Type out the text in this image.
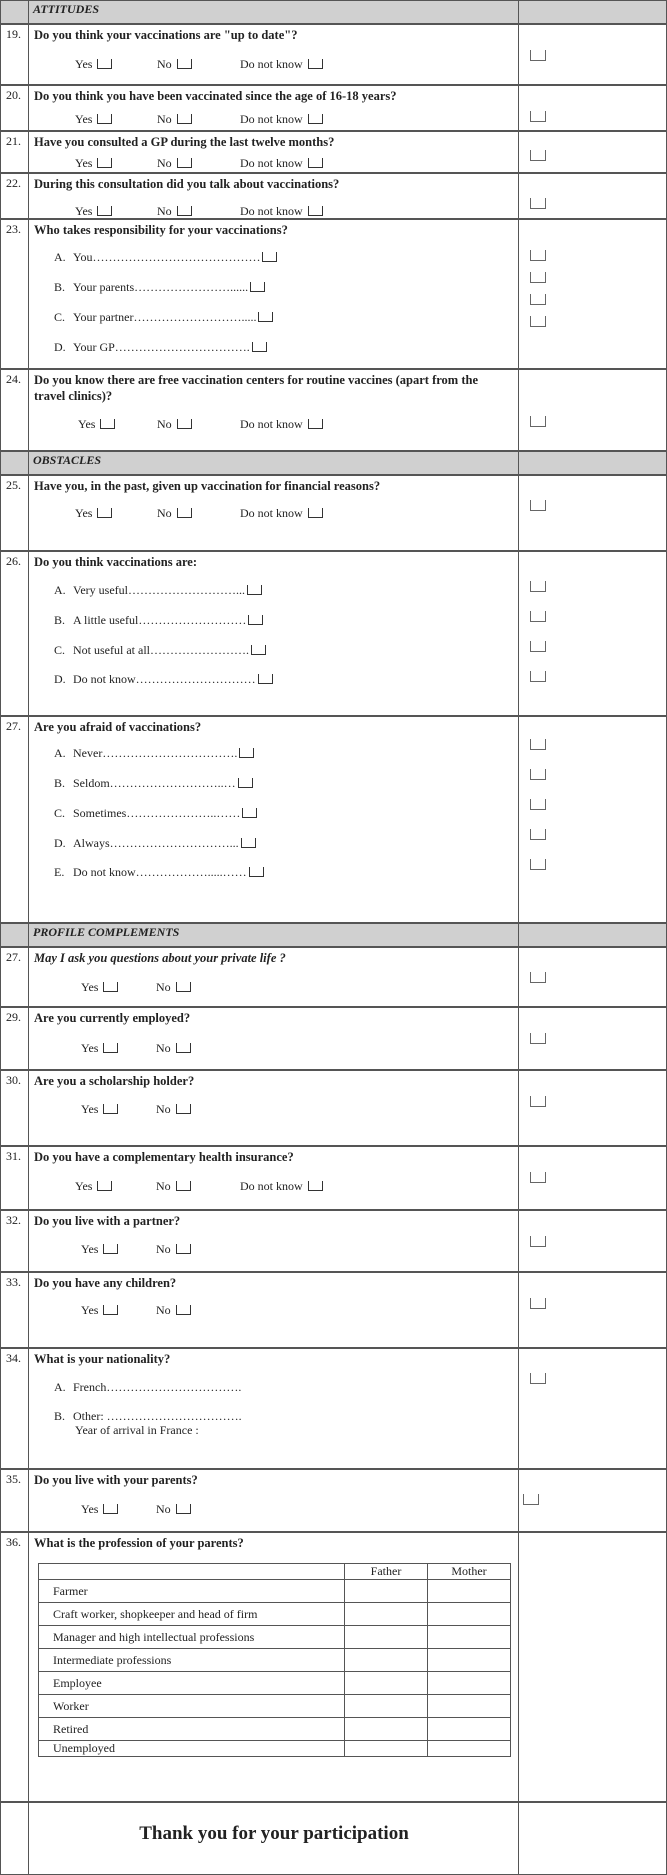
ATTITUDES
19. Do you think your vaccinations are "up to date"?
Yes	No	Do not know
20. Do you think you have been vaccinated since the age of 16-18 years?
Yes	No	Do not know
21. Have you consulted a GP during the last twelve months?
Yes	No	Do not know
22. During this consultation did you talk about vaccinations?
Yes	No	Do not know
23. Who takes responsibility for your vaccinations?
A. You……………………………………
B. Your parents……………………......
C. Your partner……………………….....
D. Your GP…………………………….
24. Do you know there are free vaccination centers for routine vaccines (apart from the travel clinics)?
Yes	No	Do not know
OBSTACLES
25. Have you, in the past, given up vaccination for financial reasons?
Yes	No	Do not know
26. Do you think vaccinations are:
A. Very useful………………………...
B. A little useful………………………
C. Not useful at all…………………….
D. Do not know…………………………
27. Are you afraid of vaccinations?
A. Never…………………………….
B. Seldom………………………..…
C. Sometimes…………………..……
D. Always…………………………...
E. Do not know……………….....……
PROFILE COMPLEMENTS
27. May I ask you questions about your private life ?
Yes	No
29. Are you currently employed?
Yes	No
30. Are you a scholarship holder?
Yes	No
31. Do you have a complementary health insurance?
Yes	No	Do not know
32. Do you live with a partner?
Yes	No
33. Do you have any children?
Yes	No
34. What is your nationality?
A. French…………………………….
B. Other: …………………………….
Year of arrival in France :
35. Do you live with your parents?
Yes	No
36. What is the profession of your parents?
	Father	Mother
Farmer		
Craft worker, shopkeeper and head of firm		
Manager and high intellectual professions		
Intermediate professions		
Employee		
Worker		
Retired		
Unemployed		
Thank you for your participation
